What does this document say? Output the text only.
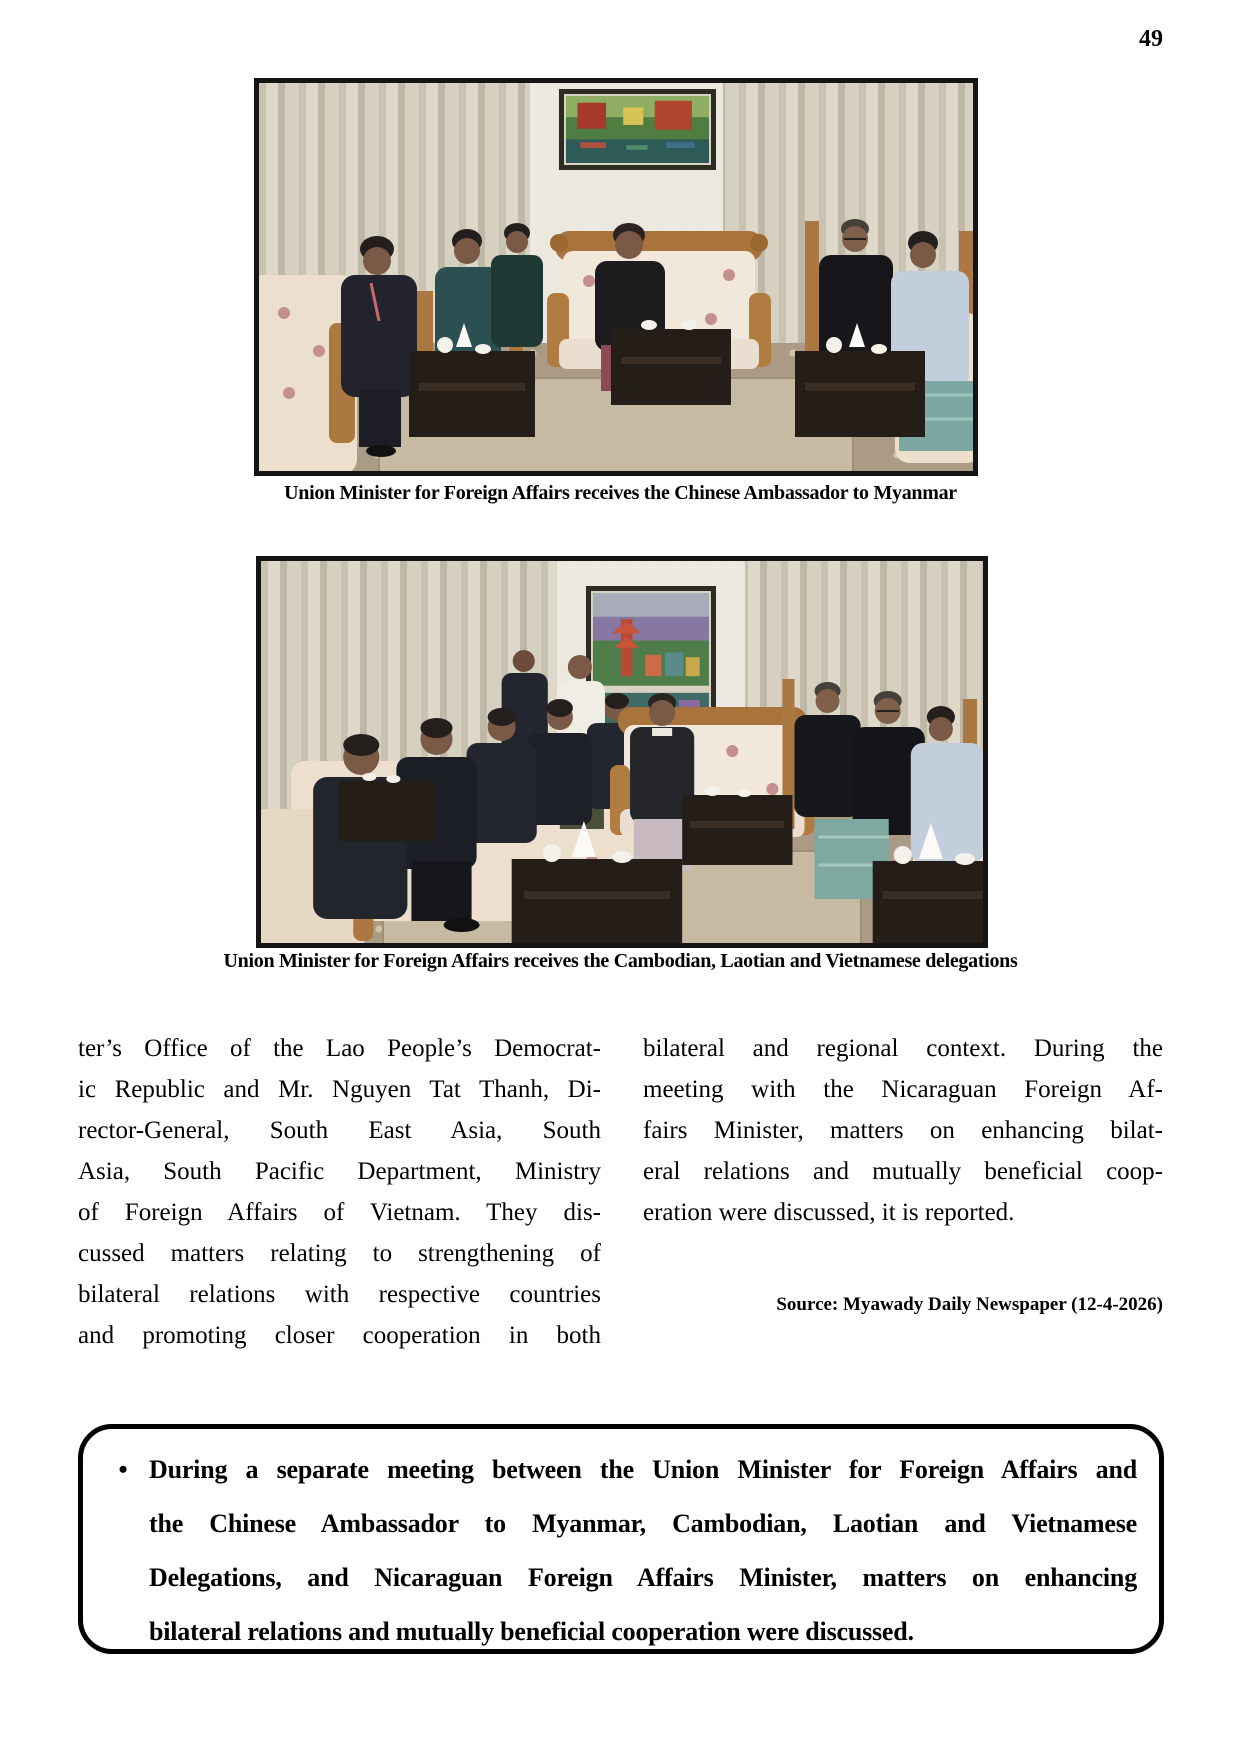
49
Union Minister for Foreign Affairs receives the Chinese Ambassador to Myanmar
Union Minister for Foreign Affairs receives the Cambodian, Laotian and Vietnamese delegations
ter’s Office of the Lao People’s Democrat-
ic Republic and Mr. Nguyen Tat Thanh, Di-
rector-General, South East Asia, South
Asia, South Pacific Department, Ministry
of Foreign Affairs of Vietnam. They dis-
cussed matters relating to strengthening of
bilateral relations with respective countries
and promoting closer cooperation in both
bilateral and regional context. During the
meeting with the Nicaraguan Foreign Af-
fairs Minister, matters on enhancing bilat-
eral relations and mutually beneficial coop-
eration were discussed, it is reported.
Source: Myawady Daily Newspaper (12-4-2026)
• During a separate meeting between the Union Minister for Foreign Affairs and
the Chinese Ambassador to Myanmar, Cambodian, Laotian and Vietnamese
Delegations, and Nicaraguan Foreign Affairs Minister, matters on enhancing
bilateral relations and mutually beneficial cooperation were discussed.
